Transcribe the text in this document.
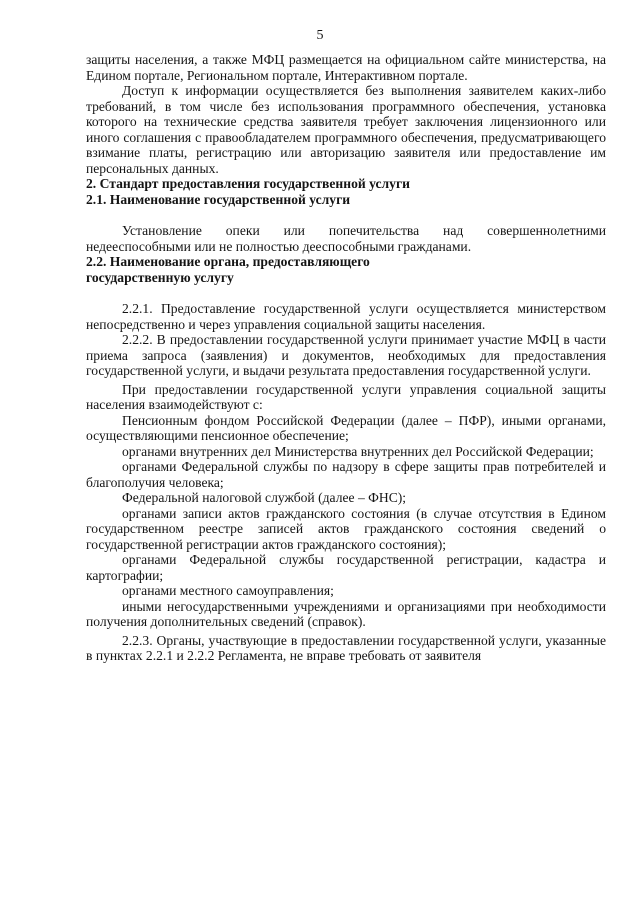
5

защиты населения, а также МФЦ размещается на официальном сайте министерства, на Едином портале, Региональном портале, Интерактивном портале.

Доступ к информации осуществляется без выполнения заявителем каких-либо требований, в том числе без использования программного обеспечения, установка которого на технические средства заявителя требует заключения лицензионного или иного соглашения с правообладателем программного обеспечения, предусматривающего взимание платы, регистрацию или авторизацию заявителя или предоставление им персональных данных.

2. Стандарт предоставления государственной услуги

2.1. Наименование государственной услуги

Установление опеки или попечительства над совершеннолетними недееспособными или не полностью дееспособными гражданами.

2.2. Наименование органа, предоставляющего
государственную услугу

2.2.1. Предоставление государственной услуги осуществляется министерством непосредственно и через управления социальной защиты населения.

2.2.2. В предоставлении государственной услуги принимает участие МФЦ в части приема запроса (заявления) и документов, необходимых для предоставления государственной услуги, и выдачи результата предоставления государственной услуги.

При предоставлении государственной услуги управления социальной защиты населения взаимодействуют с:

Пенсионным фондом Российской Федерации (далее – ПФР), иными органами, осуществляющими пенсионное обеспечение;

органами внутренних дел Министерства внутренних дел Российской Федерации;

органами Федеральной службы по надзору в сфере защиты прав потребителей и благополучия человека;

Федеральной налоговой службой (далее – ФНС);

органами записи актов гражданского состояния (в случае отсутствия в Едином государственном реестре записей актов гражданского состояния сведений о государственной регистрации актов гражданского состояния);

органами Федеральной службы государственной регистрации, кадастра и картографии;

органами местного самоуправления;

иными негосударственными учреждениями и организациями при необходимости получения дополнительных сведений (справок).

2.2.3. Органы, участвующие в предоставлении государственной услуги, указанные в пунктах 2.2.1 и 2.2.2 Регламента, не вправе требовать от заявителя
